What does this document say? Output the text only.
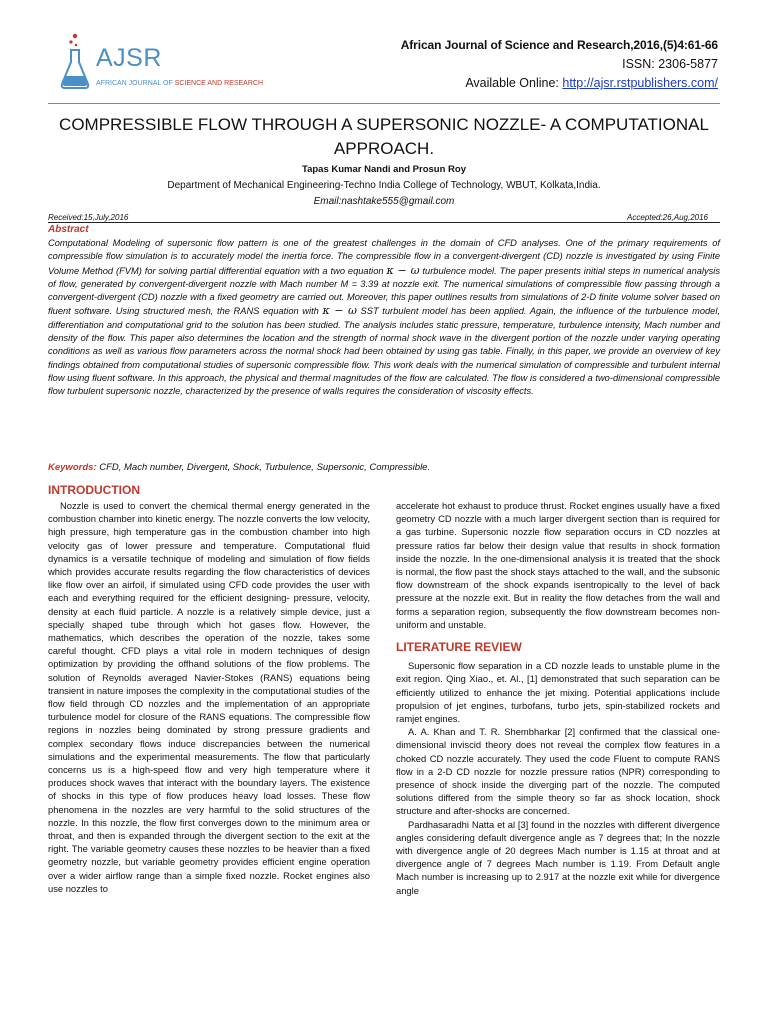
AJSR
AFRICAN JOURNAL OF SCIENCE AND RESEARCH
African Journal of Science and Research,2016,(5)4:61-66
ISSN: 2306-5877
Available Online: http://ajsr.rstpublishers.com/
COMPRESSIBLE FLOW THROUGH A SUPERSONIC NOZZLE- A COMPUTATIONAL APPROACH.
Tapas Kumar Nandi and Prosun Roy
Department of Mechanical Engineering-Techno India College of Technology, WBUT, Kolkata,India.
Email:nashtake555@gmail.com
Received:15,July,2016	Accepted:26,Aug,2016
Abstract
Computational Modeling of supersonic flow pattern is one of the greatest challenges in the domain of CFD analyses. One of the primary requirements of compressible flow simulation is to accurately model the inertia force. The compressible flow in a convergent-divergent (CD) nozzle is investigated by using Finite Volume Method (FVM) for solving partial differential equation with a two equation κ − ω turbulence model. The paper presents initial steps in numerical analysis of flow, generated by convergent-divergent nozzle with Mach number M = 3.39 at nozzle exit. The numerical simulations of compressible flow passing through a convergent-divergent (CD) nozzle with a fixed geometry are carried out. Moreover, this paper outlines results from simulations of 2-D finite volume solver based on fluent software. Using structured mesh, the RANS equation with κ − ω SST turbulent model has been applied. Again, the influence of the turbulence model, differentiation and computational grid to the solution has been studied. The analysis includes static pressure, temperature, turbulence intensity, Mach number and density of the flow. This paper also determines the location and the strength of normal shock wave in the divergent portion of the nozzle under varying operating conditions as well as various flow parameters across the normal shock had been obtained by using gas table. Finally, in this paper, we provide an overview of key findings obtained from computational studies of supersonic compressible flow. This work deals with the numerical simulation of compressible and turbulent internal flow using fluent software. In this approach, the physical and thermal magnitudes of the flow are calculated. The flow is considered a two-dimensional compressible flow turbulent supersonic nozzle, characterized by the presence of walls requires the consideration of viscosity effects.
Keywords: CFD, Mach number, Divergent, Shock, Turbulence, Supersonic, Compressible.
INTRODUCTION

Nozzle is used to convert the chemical thermal energy generated in the combustion chamber into kinetic energy. The nozzle converts the low velocity, high pressure, high temperature gas in the combustion chamber into high velocity gas of lower pressure and temperature. Computational fluid dynamics is a versatile technique of modeling and simulation of flow fields which provides accurate results regarding the flow characteristics of devices like flow over an airfoil, if simulated using CFD code provides the user with each and everything required for the efficient designing- pressure, velocity, density at each fluid particle. A nozzle is a relatively simple device, just a specially shaped tube through which hot gases flow. However, the mathematics, which describes the operation of the nozzle, takes some careful thought. CFD plays a vital role in modern techniques of design optimization by providing the offhand solutions of the flow problems. The solution of Reynolds averaged Navier-Stokes (RANS) equations being transient in nature imposes the complexity in the computational studies of the flow field through CD nozzles and the implementation of an appropriate turbulence model for closure of the RANS equations. The compressible flow regions in nozzles being dominated by strong pressure gradients and complex secondary flows induce discrepancies between the numerical simulations and the experimental measurements. The flow that particularly concerns us is a high-speed flow and very high temperature where it produces shock waves that interact with the boundary layers. The existence of shocks in this type of flow produces heavy load losses. These flow phenomena in the nozzles are very harmful to the solid structures of the nozzle. In this nozzle, the flow first converges down to the minimum area or throat, and then is expanded through the divergent section to the exit at the right. The variable geometry causes these nozzles to be heavier than a fixed geometry nozzle, but variable geometry provides efficient engine operation over a wider airflow range than a simple fixed nozzle. Rocket engines also use nozzles to

accelerate hot exhaust to produce thrust. Rocket engines usually have a fixed geometry CD nozzle with a much larger divergent section than is required for a gas turbine. Supersonic nozzle flow separation occurs in CD nozzles at pressure ratios far below their design value that results in shock formation inside the nozzle. In the one-dimensional analysis it is treated that the shock is normal, the flow past the shock stays attached to the wall, and the subsonic flow downstream of the shock expands isentropically to the level of back pressure at the nozzle exit. But in reality the flow detaches from the wall and forms a separation region, subsequently the flow downstream becomes non-uniform and unstable.

LITERATURE REVIEW

Supersonic flow separation in a CD nozzle leads to unstable plume in the exit region. Qing Xiao., et. Al., [1] demonstrated that such separation can be efficiently utilized to enhance the jet mixing. Potential applications include propulsion of jet engines, turbofans, turbo jets, spin-stabilized rockets and ramjet engines.

A. A. Khan and T. R. Shembharkar [2] confirmed that the classical one-dimensional inviscid theory does not reveal the complex flow features in a choked CD nozzle accurately. They used the code Fluent to compute RANS flow in a 2-D CD nozzle for nozzle pressure ratios (NPR) corresponding to presence of shock inside the diverging part of the nozzle. The computed solutions differed from the simple theory so far as shock location, shock structure and after-shocks are concerned.

Pardhasaradhi Natta et al [3] found in the nozzles with different divergence angles considering default divergence angle as 7 degrees that; In the nozzle with divergence angle of 20 degrees Mach number is 1.15 at throat and at divergence angle of 7 degrees Mach number is 1.19. From Default angle Mach number is increasing up to 2.917 at the nozzle exit while for divergence angle
